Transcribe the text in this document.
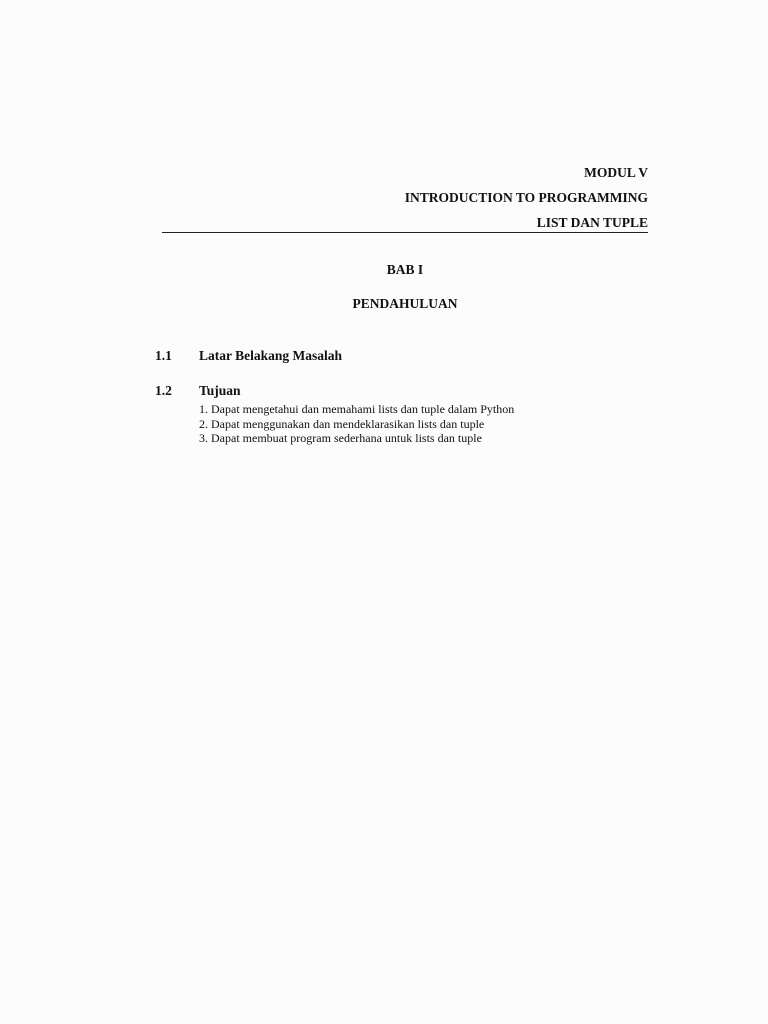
MODUL V
INTRODUCTION TO PROGRAMMING
LIST DAN TUPLE
BAB I
PENDAHULUAN
1.1 Latar Belakang Masalah
1.2 Tujuan
1. Dapat mengetahui dan memahami lists dan tuple dalam Python
2. Dapat menggunakan dan mendeklarasikan lists dan tuple
3. Dapat membuat program sederhana untuk lists dan tuple
